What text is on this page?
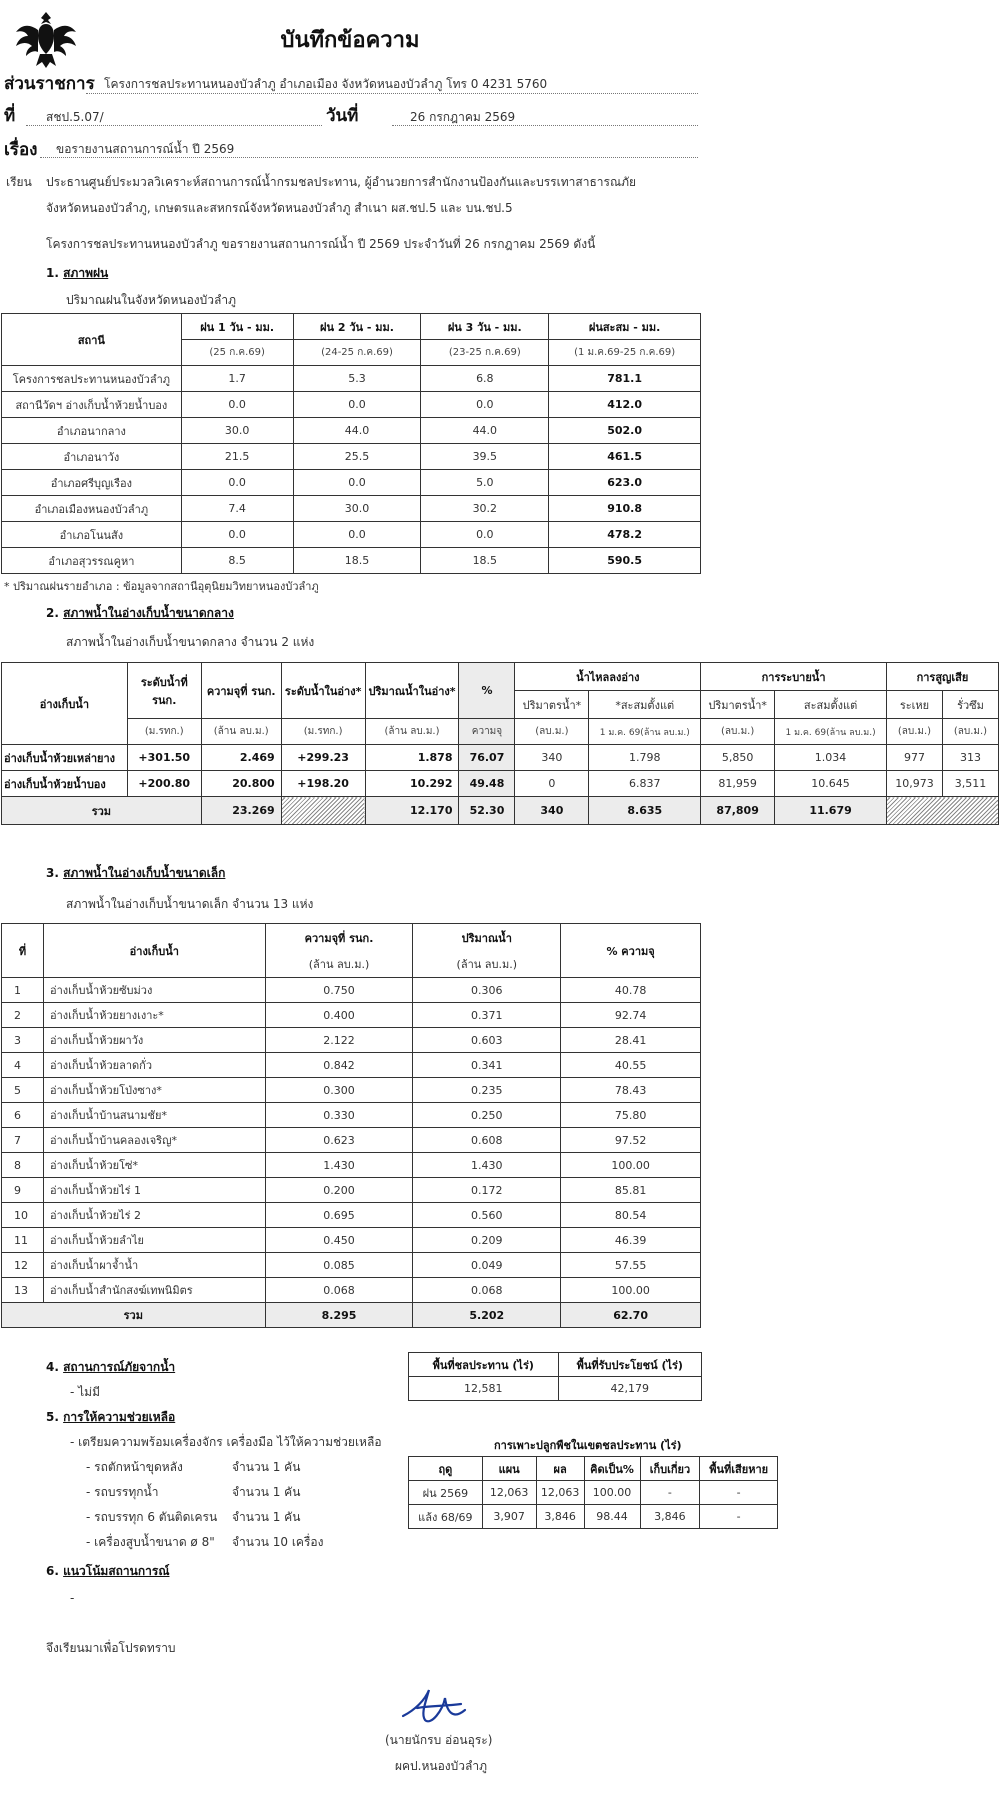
บันทึกข้อความ
ส่วนราชการ โครงการชลประทานหนองบัวลำภู อำเภอเมือง จังหวัดหนองบัวลำภู โทร 0 4231 5760
ที่	สชป.5.07/	วันที่	26 กรกฎาคม 2569
เรื่อง ขอรายงานสถานการณ์น้ำ ปี 2569
เรียน ประธานศูนย์ประมวลวิเคราะห์สถานการณ์น้ำกรมชลประทาน, ผู้อำนวยการสำนักงานป้องกันและบรรเทาสาธารณภัย
จังหวัดหนองบัวลำภู, เกษตรและสหกรณ์จังหวัดหนองบัวลำภู สำเนา ผส.ชป.5 และ บน.ชป.5
โครงการชลประทานหนองบัวลำภู ขอรายงานสถานการณ์น้ำ ปี 2569 ประจำวันที่ 26 กรกฎาคม 2569 ดังนี้
1. สภาพฝน
ปริมาณฝนในจังหวัดหนองบัวลำภู
สถานี	ฝน 1 วัน - มม.	ฝน 2 วัน - มม.	ฝน 3 วัน - มม.	ฝนสะสม - มม.
	(25 ก.ค.69)	(24-25 ก.ค.69)	(23-25 ก.ค.69)	(1 ม.ค.69-25 ก.ค.69)
โครงการชลประทานหนองบัวลำภู	1.7	5.3	6.8	781.1
สถานีวัดฯ อ่างเก็บน้ำห้วยน้ำบอง	0.0	0.0	0.0	412.0
อำเภอนากลาง	30.0	44.0	44.0	502.0
อำเภอนาวัง	21.5	25.5	39.5	461.5
อำเภอศรีบุญเรือง	0.0	0.0	5.0	623.0
อำเภอเมืองหนองบัวลำภู	7.4	30.0	30.2	910.8
อำเภอโนนสัง	0.0	0.0	0.0	478.2
อำเภอสุวรรณคูหา	8.5	18.5	18.5	590.5
* ปริมาณฝนรายอำเภอ : ข้อมูลจากสถานีอุตุนิยมวิทยาหนองบัวลำภู
2. สภาพน้ำในอ่างเก็บน้ำขนาดกลาง
สภาพน้ำในอ่างเก็บน้ำขนาดกลาง จำนวน 2 แห่ง
อ่างเก็บน้ำ	ระดับน้ำที่ รนก.	ความจุที่ รนก.	ระดับน้ำในอ่าง*	ปริมาณน้ำในอ่าง*	%	น้ำไหลลงอ่าง		การระบายน้ำ		การสูญเสีย	
						ปริมาตรน้ำ*	*สะสมตั้งแต่	ปริมาตรน้ำ*	สะสมตั้งแต่	ระเหย	รั่วซึม
	(ม.รทก.)	(ล้าน ลบ.ม.)	(ม.รทก.)	(ล้าน ลบ.ม.)	ความจุ	(ลบ.ม.)	1 ม.ค. 69(ล้าน ลบ.ม.)	(ลบ.ม.)	1 ม.ค. 69(ล้าน ลบ.ม.)	(ลบ.ม.)	(ลบ.ม.)
อ่างเก็บน้ำห้วยเหล่ายาง	+301.50	2.469	+299.23	1.878	76.07	340	1.798	5,850	1.034	977	313
อ่างเก็บน้ำห้วยน้ำบอง	+200.80	20.800	+198.20	10.292	49.48	0	6.837	81,959	10.645	10,973	3,511
รวม		23.269		12.170	52.30	340	8.635	87,809	11.679		
3. สภาพน้ำในอ่างเก็บน้ำขนาดเล็ก
สภาพน้ำในอ่างเก็บน้ำขนาดเล็ก จำนวน 13 แห่ง
ที่	อ่างเก็บน้ำ	ความจุที่ รนก.	ปริมาณน้ำ	% ความจุ
		(ล้าน ลบ.ม.)	(ล้าน ลบ.ม.)	
1	อ่างเก็บน้ำห้วยซับม่วง	0.750	0.306	40.78
2	อ่างเก็บน้ำห้วยยางเงาะ*	0.400	0.371	92.74
3	อ่างเก็บน้ำห้วยผาวัง	2.122	0.603	28.41
4	อ่างเก็บน้ำห้วยลาดกั่ว	0.842	0.341	40.55
5	อ่างเก็บน้ำห้วยโป่งซาง*	0.300	0.235	78.43
6	อ่างเก็บน้ำบ้านสนามชัย*	0.330	0.250	75.80
7	อ่างเก็บน้ำบ้านคลองเจริญ*	0.623	0.608	97.52
8	อ่างเก็บน้ำห้วยโซ่*	1.430	1.430	100.00
9	อ่างเก็บน้ำห้วยไร่ 1	0.200	0.172	85.81
10	อ่างเก็บน้ำห้วยไร่ 2	0.695	0.560	80.54
11	อ่างเก็บน้ำห้วยลำไย	0.450	0.209	46.39
12	อ่างเก็บน้ำผาจ้ำน้ำ	0.085	0.049	57.55
13	อ่างเก็บน้ำสำนักสงฆ์เทพนิมิตร	0.068	0.068	100.00
รวม		8.295	5.202	62.70
4. สถานการณ์ภัยจากน้ำ
- ไม่มี
พื้นที่ชลประทาน (ไร่)	พื้นที่รับประโยชน์ (ไร่)
12,581	42,179
5. การให้ความช่วยเหลือ
- เตรียมความพร้อมเครื่องจักร เครื่องมือ ไว้ให้ความช่วยเหลือ
- รถตักหน้าขุดหลัง	จำนวน 1 คัน
- รถบรรทุกน้ำ	จำนวน 1 คัน
- รถบรรทุก 6 ตันติดเครน จำนวน 1 คัน
- เครื่องสูบน้ำขนาด ø 8" จำนวน 10 เครื่อง
การเพาะปลูกพืชในเขตชลประทาน (ไร่)
ฤดู	แผน	ผล	คิดเป็น%	เก็บเกี่ยว	พื้นที่เสียหาย
ฝน 2569	12,063	12,063	100.00	-	-
แล้ง 68/69	3,907	3,846	98.44	3,846	-
6. แนวโน้มสถานการณ์
-
จึงเรียนมาเพื่อโปรดทราบ
(นายนักรบ อ่อนอุระ)
ผคป.หนองบัวลำภู
